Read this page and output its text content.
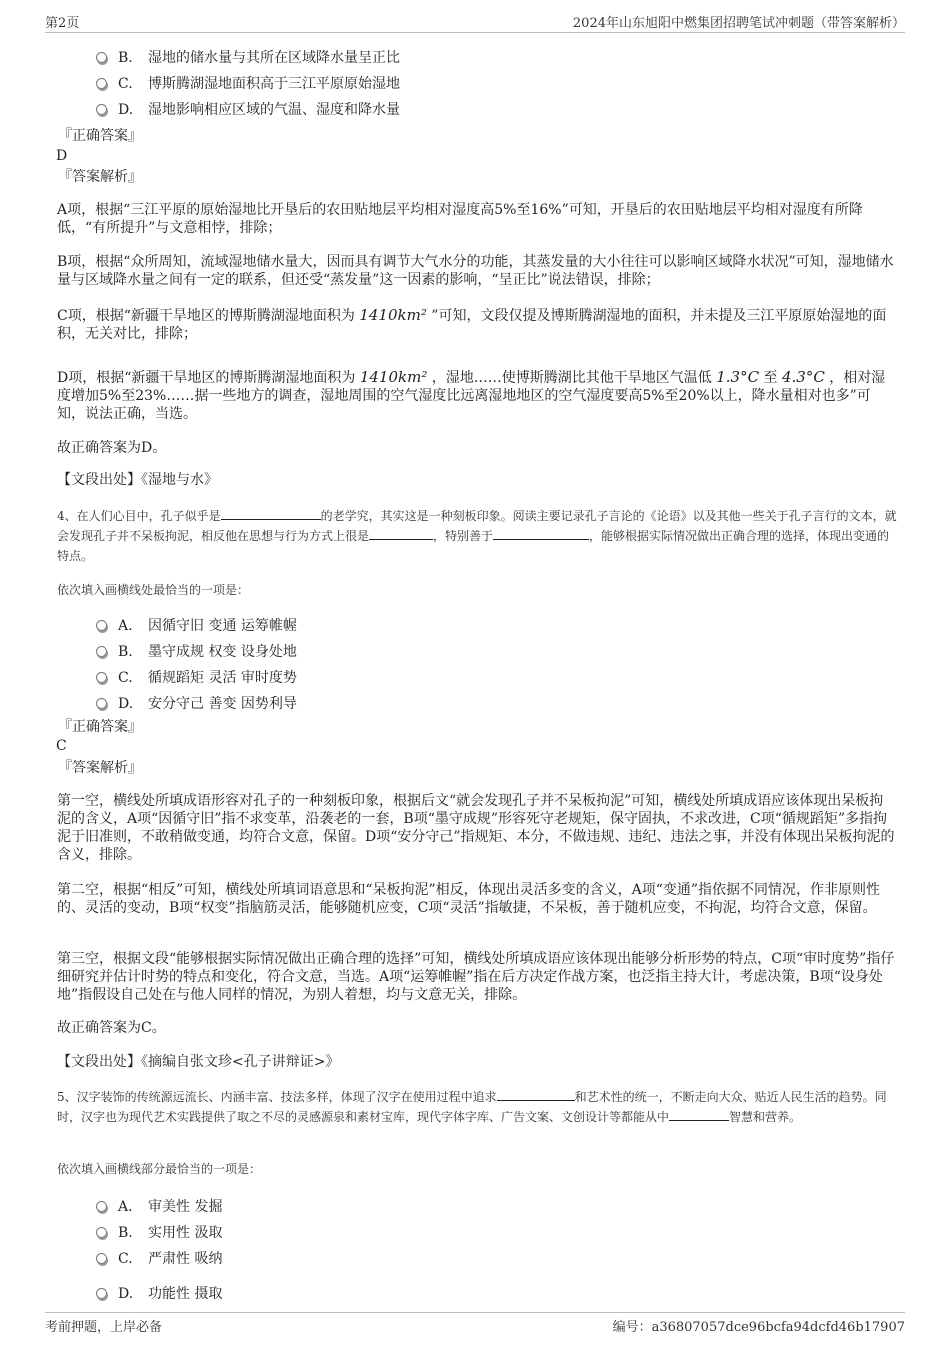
第2页	2024年山东旭阳中燃集团招聘笔试冲刺题（带答案解析）
B. 湿地的储水量与其所在区域降水量呈正比
C. 博斯腾湖湿地面积高于三江平原原始湿地
D. 湿地影响相应区域的气温、湿度和降水量
『正确答案』
D
『答案解析』
A项，根据“三江平原的原始湿地比开垦后的农田贴地层平均相对湿度高5%至16%”可知，开垦后的农田贴地层平均相对湿度有所降低，“有所提升”与文意相悖，排除；
B项，根据“众所周知，流域湿地储水量大，因而具有调节大气水分的功能，其蒸发量的大小往往可以影响区域降水状况”可知，湿地储水量与区域降水量之间有一定的联系，但还受“蒸发量”这一因素的影响，“呈正比”说法错误，排除；
C项，根据“新疆干旱地区的博斯腾湖湿地面积为 1410km² ”可知，文段仅提及博斯腾湖湿地的面积，并未提及三江平原原始湿地的面积，无关对比，排除；
D项，根据“新疆干旱地区的博斯腾湖湿地面积为 1410km² ，湿地……使博斯腾湖比其他干旱地区气温低 1.3°C 至 4.3°C ，相对湿度增加5%至23%……据一些地方的调查，湿地周围的空气湿度比远离湿地地区的空气湿度要高5%至20%以上，降水量相对也多”可知，说法正确，当选。
故正确答案为D。
【文段出处】《湿地与水》
4、在人们心目中，孔子似乎是	的老学究，其实这是一种刻板印象。阅读主要记录孔子言论的《论语》以及其他一些关于孔子言行的文本，就会发现孔子并不呆板拘泥，相反他在思想与行为方式上很是	，特别善于	，能够根据实际情况做出正确合理的选择，体现出变通的特点。
依次填入画横线处最恰当的一项是：
A. 因循守旧 变通 运筹帷幄
B. 墨守成规 权变 设身处地
C. 循规蹈矩 灵活 审时度势
D. 安分守己 善变 因势利导
『正确答案』
C
『答案解析』
第一空，横线处所填成语形容对孔子的一种刻板印象，根据后文“就会发现孔子并不呆板拘泥”可知，横线处所填成语应该体现出呆板拘泥的含义，A项“因循守旧”指不求变革，沿袭老的一套，B项“墨守成规”形容死守老规矩，保守固执，不求改进，C项“循规蹈矩”多指拘泥于旧准则，不敢稍做变通，均符合文意，保留。D项“安分守己”指规矩、本分，不做违规、违纪、违法之事，并没有体现出呆板拘泥的含义，排除。
第二空，根据“相反”可知，横线处所填词语意思和“呆板拘泥”相反，体现出灵活多变的含义，A项“变通”指依据不同情况，作非原则性的、灵活的变动，B项“权变”指脑筋灵活，能够随机应变，C项“灵活”指敏捷，不呆板，善于随机应变，不拘泥，均符合文意，保留。
第三空，根据文段“能够根据实际情况做出正确合理的选择”可知，横线处所填成语应该体现出能够分析形势的特点，C项“审时度势”指仔细研究并估计时势的特点和变化，符合文意，当选。A项“运筹帷幄”指在后方决定作战方案，也泛指主持大计，考虑决策，B项“设身处地”指假设自己处在与他人同样的情况，为别人着想，均与文意无关，排除。
故正确答案为C。
【文段出处】《摘编自张文珍<孔子讲辩证>》
5、汉字装饰的传统源远流长、内涵丰富、技法多样，体现了汉字在使用过程中追求	和艺术性的统一，不断走向大众、贴近人民生活的趋势。同时，汉字也为现代艺术实践提供了取之不尽的灵感源泉和素材宝库，现代字体字库、广告文案、文创设计等都能从中	智慧和营养。
依次填入画横线部分最恰当的一项是：
A. 审美性 发掘
B. 实用性 汲取
C. 严肃性 吸纳
D. 功能性 摄取
考前押题，上岸必备	编号：a36807057dce96bcfa94dcfd46b17907
